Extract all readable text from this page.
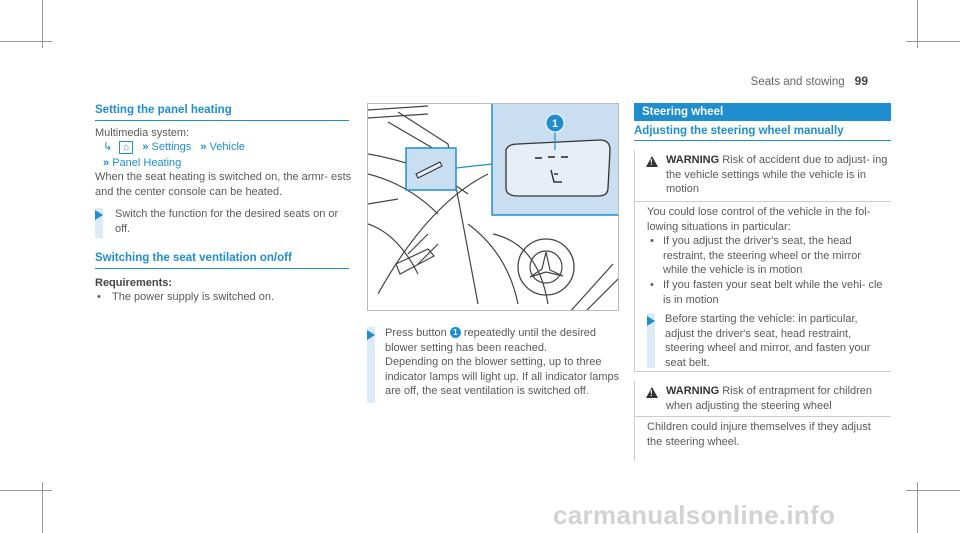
Seats and stowing 99
Setting the panel heating
Multimedia system:
↳ ⌂ » Settings » Vehicle
» Panel Heating
When the seat heating is switched on, the armr- ests and the center console can be heated.
Switch the function for the desired seats on or off.
Switching the seat ventilation on/off
Requirements:
• The power supply is switched on.
1
Press button 1 repeatedly until the desired blower setting has been reached.
Depending on the blower setting, up to three indicator lamps will light up. If all indicator lamps are off, the seat ventilation is switched off.
Steering wheel
Adjusting the steering wheel manually
!
WARNING Risk of accident due to adjust- ing the vehicle settings while the vehicle is in motion
You could lose control of the vehicle in the fol- lowing situations in particular:
• If you adjust the driver's seat, the head restraint, the steering wheel or the mirror while the vehicle is in motion
• If you fasten your seat belt while the vehi- cle is in motion
Before starting the vehicle: in particular, adjust the driver's seat, head restraint, steering wheel and mirror, and fasten your seat belt.
!
WARNING Risk of entrapment for children when adjusting the steering wheel
Children could injure themselves if they adjust the steering wheel.
carmanualsonline.info
